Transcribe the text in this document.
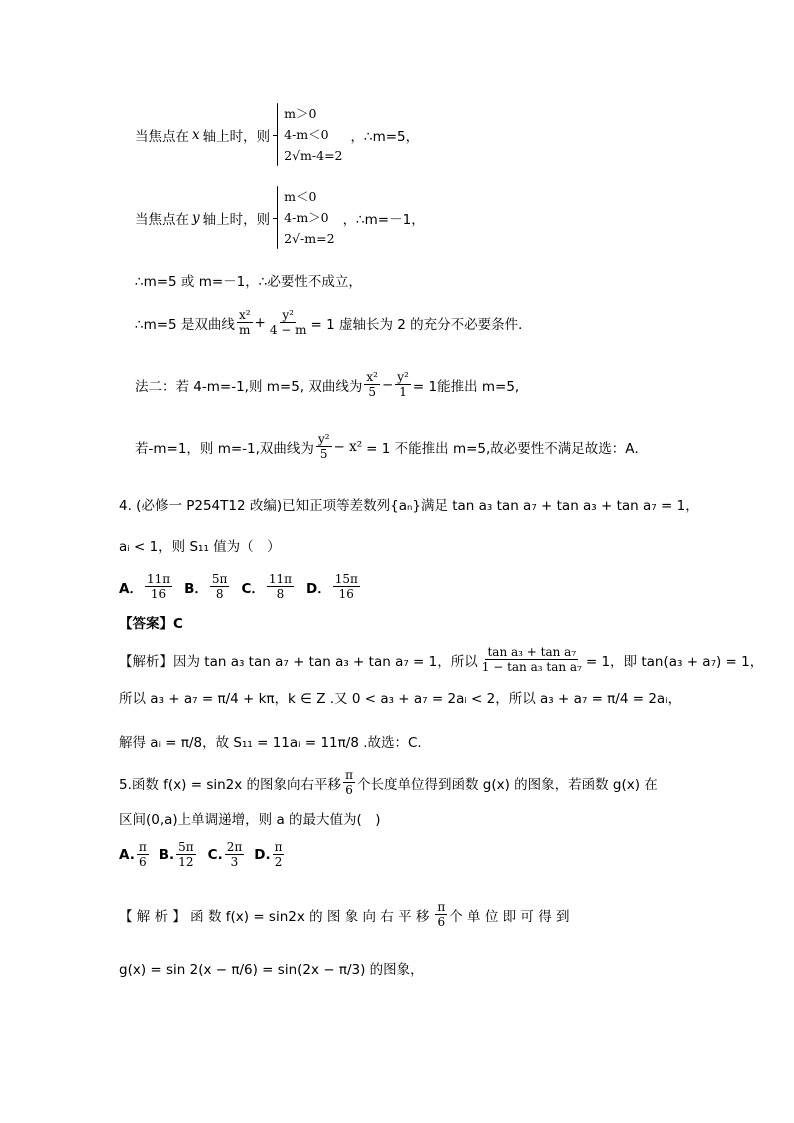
当焦点在 x 轴上时，则
m＞0
4-m＜0
2√m-4=2
，∴m=5，
当焦点在 y 轴上时，则
m＜0
4-m＞0
2√-m=2
，∴m=－1，
∴m=5 或 m=－1，∴必要性不成立，
∴m=5 是双曲线 $\frac{\text{x²}}{m} + \frac{\text{y²}}{4 - m} = 1$ 虚轴长为 2 的充分不必要条件．
法二：若 4-m=-1,则 m=5, 双曲线为 $\frac{\text{x²}}{5} - \frac{\text{y²}}{1} = 1$能推出 m=5,
若-m=1，则 m=-1,双曲线为 $\frac{\text{y²}}{5} - x^2 = 1$ 不能推出 m=5,故必要性不满足故选：A．
4. (必修一 P254T12 改编)已知正项等差数列{aₙ}满足 tan a₃ tan a₇ + tan a₃ + tan a₇ = 1，
aᵢ < 1，则 S₁₁ 值为（　）
A． $\frac{11\pi}{16}$ B． $\frac{5\pi}{8}$ C． $\frac{11\pi}{8}$ D． $\frac{15\pi}{16}$
【答案】C
【解析】因为 tan a₃ tan a₇ + tan a₃ + tan a₇ = 1，所以 $\frac{\text{tan a₃ + tan a₇}}{\text{1 − tan a₃ tan a₇}} = 1$，即 tan(a₃ + a₇) = 1，
所以 a₃ + a₇ = π/4 + kπ，k ∈ Z .又 0 < a₃ + a₇ = 2aᵢ < 2，所以 a₃ + a₇ = π/4 = 2aᵢ，
解得 aᵢ = π/8，故 S₁₁ = 11aᵢ = 11π/8 .故选：C.
5.函数 f(x) = sin2x 的图象向右平移 $\frac{\pi}{6}$ 个长度单位得到函数 g(x) 的图象，若函数 g(x) 在
区间(0,a)上单调递增，则 a 的最大值为(　)
A. $\frac{\pi}{6} B$. $\frac{5\pi}{12} C$. $\frac{2\pi}{3} D$. $\frac{\pi}{2}$
【 解 析 】 函 数 f(x) = sin2x 的 图 象 向 右 平 移 $\frac{\pi}{6}$ 个 单 位 即 可 得 到
g(x) = sin 2(x − π/6) = sin(2x − π/3) 的图象，
